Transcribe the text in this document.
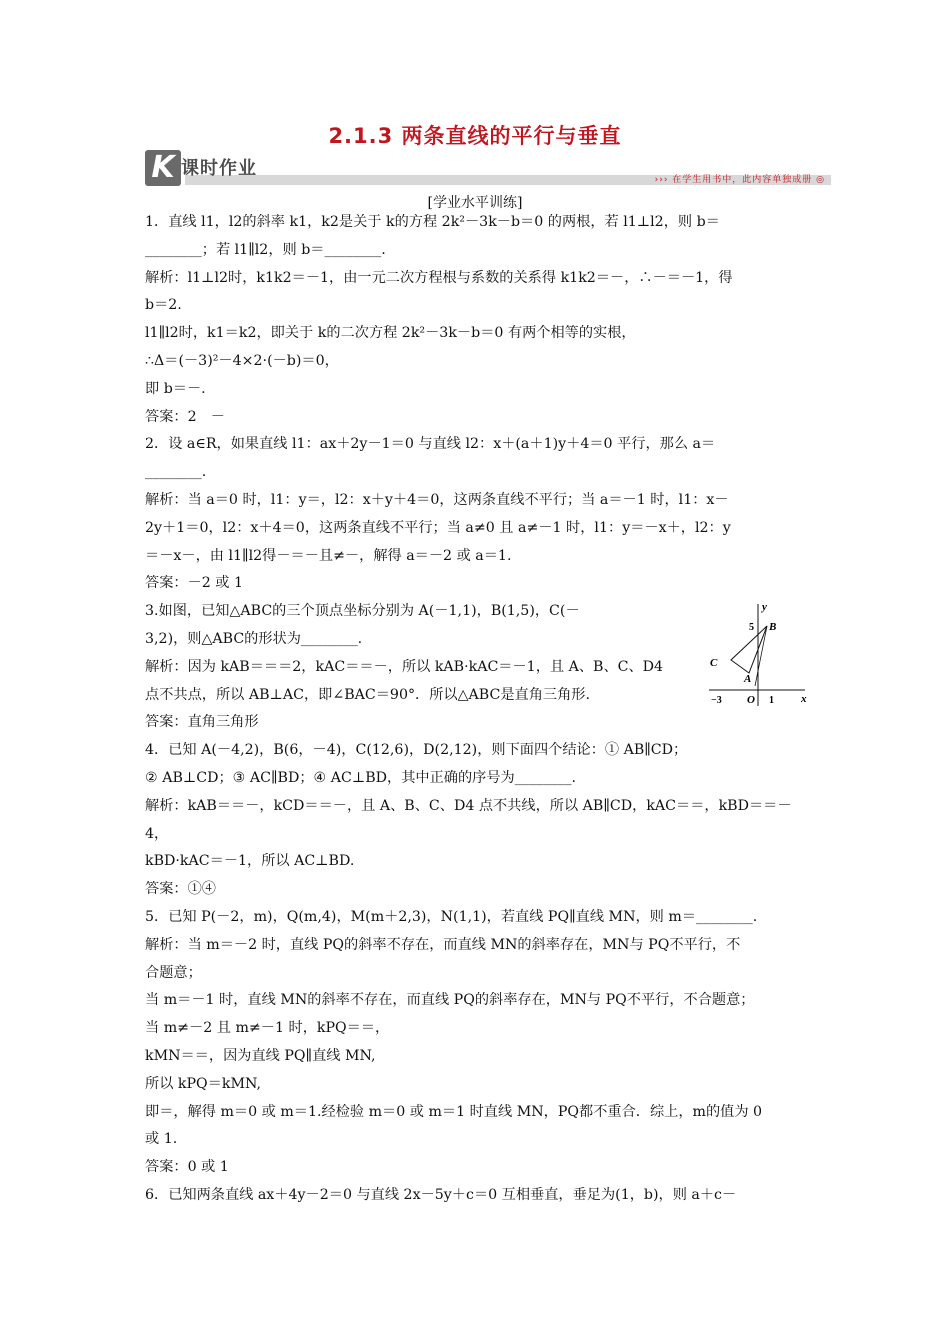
2.1.3 两条直线的平行与垂直
K 课时作业
››› 在学生用书中，此内容单独成册 ◎
[学业水平训练]

1．直线 l1，l2的斜率 k1，k2是关于 k的方程 2k²－3k－b＝0 的两根，若 l1⊥l2，则 b＝

________；若 l1∥l2，则 b＝________.

解析：l1⊥l2时，k1k2＝－1，由一元二次方程根与系数的关系得 k1k2＝－，∴－＝－1，得

b＝2.

l1∥l2时，k1＝k2，即关于 k的二次方程 2k²－3k－b＝0 有两个相等的实根，

∴Δ＝(－3)²－4×2·(－b)＝0，

即 b＝－.

答案：2　－

2．设 a∈R，如果直线 l1：ax＋2y－1＝0 与直线 l2：x＋(a＋1)y＋4＝0 平行，那么 a＝

________.

解析：当 a＝0 时，l1：y＝，l2：x＋y＋4＝0，这两条直线不平行；当 a＝－1 时，l1：x－

2y＋1＝0，l2：x＋4＝0，这两条直线不平行；当 a≠0 且 a≠－1 时，l1：y＝－x＋，l2：y

＝－x－，由 l1∥l2得－＝－且≠－，解得 a＝－2 或 a＝1.

答案：－2 或 1

3.如图，已知△ABC的三个顶点坐标分别为 A(－1,1)，B(1,5)，C(－

3,2)，则△ABC的形状为________.

解析：因为 kAB＝＝＝2，kAC＝＝－，所以 kAB·kAC＝－1，且 A、B、C、D4

点不共点，所以 AB⊥AC，即∠BAC＝90°．所以△ABC是直角三角形.

答案：直角三角形

4．已知 A(－4,2)，B(6，－4)，C(12,6)，D(2,12)，则下面四个结论：① AB∥CD；

② AB⊥CD；③ AC∥BD；④ AC⊥BD，其中正确的序号为________.

解析：kAB＝＝－，kCD＝＝－，且 A、B、C、D4 点不共线，所以 AB∥CD，kAC＝＝，kBD＝＝－

4，

kBD·kAC＝－1，所以 AC⊥BD.

答案：①④

5．已知 P(－2，m)，Q(m,4)，M(m＋2,3)，N(1,1)，若直线 PQ∥直线 MN，则 m＝________.

解析：当 m＝－2 时，直线 PQ的斜率不存在，而直线 MN的斜率存在，MN与 PQ不平行，不

合题意；

当 m＝－1 时，直线 MN的斜率不存在，而直线 PQ的斜率存在，MN与 PQ不平行，不合题意；

当 m≠－2 且 m≠－1 时，kPQ＝＝，

kMN＝＝，因为直线 PQ∥直线 MN,

所以 kPQ＝kMN,

即＝，解得 m＝0 或 m＝1.经检验 m＝0 或 m＝1 时直线 MN，PQ都不重合．综上，m的值为 0

或 1.

答案：0 或 1

6．已知两条直线 ax＋4y－2＝0 与直线 2x－5y＋c＝0 互相垂直，垂足为(1，b)，则 a＋c－

y
x
B
C
A
O
5
−3	1
